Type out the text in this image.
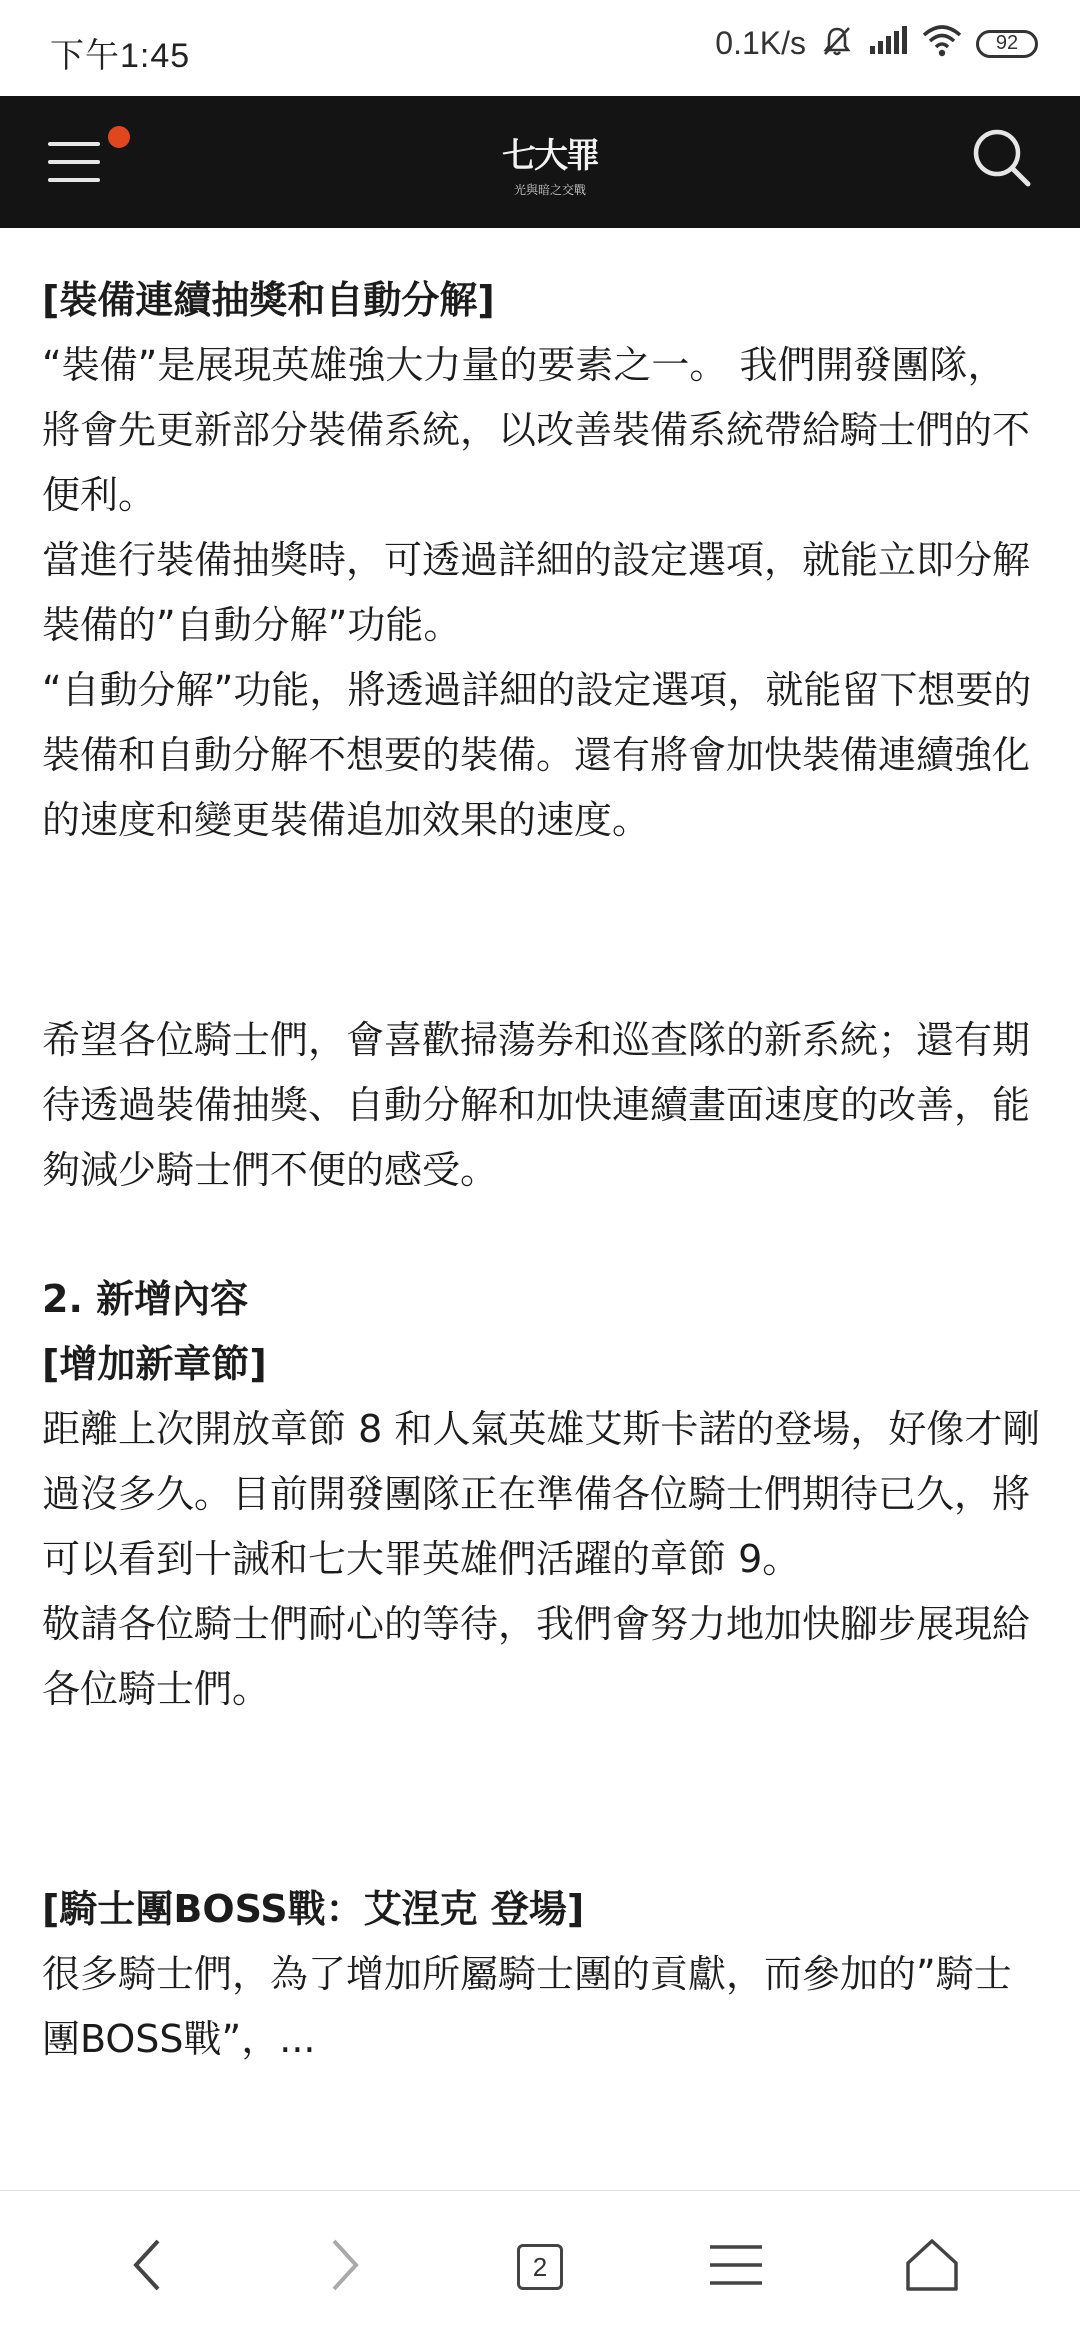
下午1:45	0.1K/s	92
七大罪
光與暗之交戰

[裝備連續抽獎和自動分解]

“裝備”是展現英雄強大力量的要素之一。 我們開發團隊，將會先更新部分裝備系統，以改善裝備系統帶給騎士們的不便利。

當進行裝備抽獎時，可透過詳細的設定選項，就能立即分解裝備的”自動分解”功能。

“自動分解”功能，將透過詳細的設定選項，就能留下想要的裝備和自動分解不想要的裝備。還有將會加快裝備連續強化的速度和變更裝備追加效果的速度。

希望各位騎士們，會喜歡掃蕩券和巡查隊的新系統；還有期待透過裝備抽獎、自動分解和加快連續畫面速度的改善，能夠減少騎士們不便的感受。

2. 新增內容

[增加新章節]

距離上次開放章節 8 和人氣英雄艾斯卡諾的登場，好像才剛過沒多久。目前開發團隊正在準備各位騎士們期待已久，將可以看到十誡和七大罪英雄們活躍的章節 9。

敬請各位騎士們耐心的等待，我們會努力地加快腳步展現給各位騎士們。

[騎士團BOSS戰：艾涅克 登場]

很多騎士們，為了增加所屬騎士團的貢獻，而參加的”騎士團BOSS戰”，...

2
